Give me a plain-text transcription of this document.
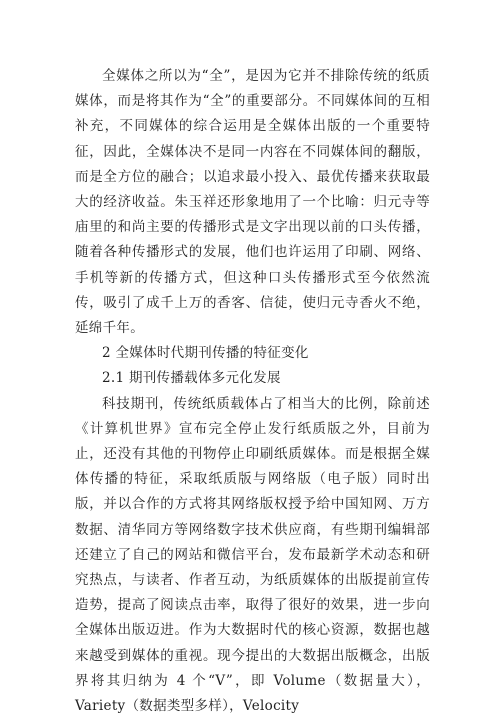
全媒体之所以为“全”，是因为它并不排除传统的纸质媒体，而是将其作为“全”的重要部分。不同媒体间的互相补充，不同媒体的综合运用是全媒体出版的一个重要特征，因此，全媒体决不是同一内容在不同媒体间的翻版，而是全方位的融合；以追求最小投入、最优传播来获取最大的经济收益。朱玉祥还形象地用了一个比喻：归元寺等庙里的和尚主要的传播形式是文字出现以前的口头传播，随着各种传播形式的发展，他们也许运用了印刷、网络、手机等新的传播方式，但这种口头传播形式至今依然流传，吸引了成千上万的香客、信徒，使归元寺香火不绝，延绵千年。

2 全媒体时代期刊传播的特征变化

2.1 期刊传播载体多元化发展

科技期刊，传统纸质载体占了相当大的比例，除前述《计算机世界》宣布完全停止发行纸质版之外，目前为止，还没有其他的刊物停止印刷纸质媒体。而是根据全媒体传播的特征，采取纸质版与网络版（电子版）同时出版，并以合作的方式将其网络版权授予给中国知网、万方数据、清华同方等网络数字技术供应商，有些期刊编辑部还建立了自己的网站和微信平台，发布最新学术动态和研究热点，与读者、作者互动，为纸质媒体的出版提前宣传造势，提高了阅读点击率，取得了很好的效果，进一步向全媒体出版迈进。作为大数据时代的核心资源，数据也越来越受到媒体的重视。现今提出的大数据出版概念，出版界将其归纳为 4 个“V”，即 Volume（数据量大），Variety（数据类型多样），Velocity
